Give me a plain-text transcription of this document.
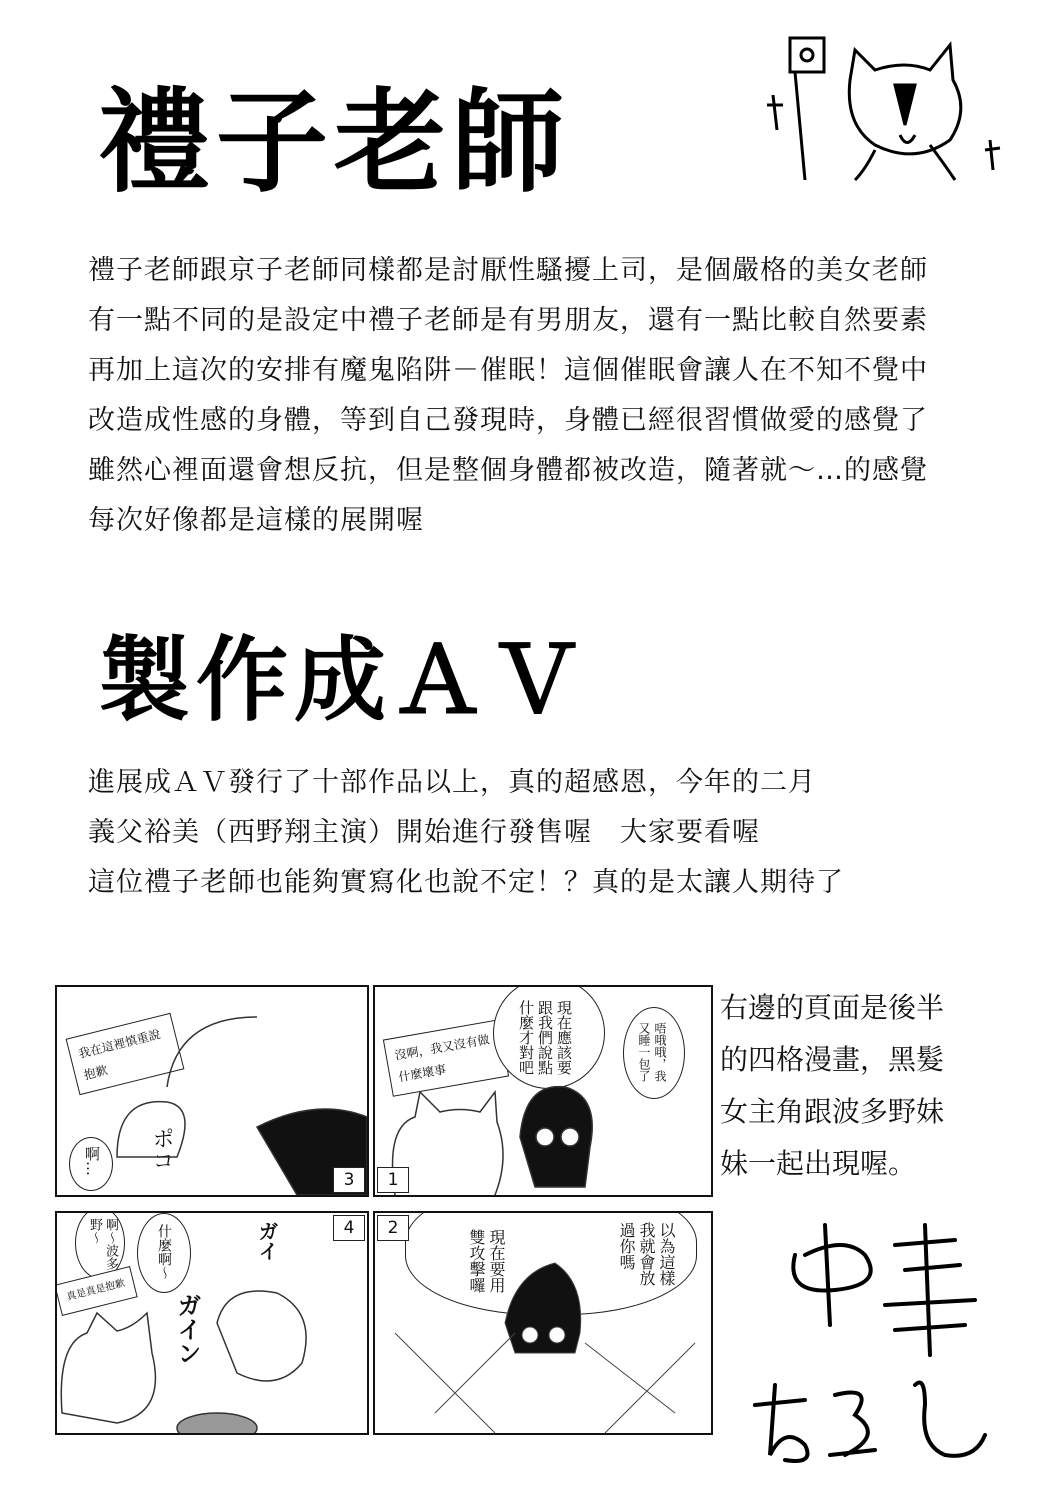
禮子老師
禮子老師跟京子老師同樣都是討厭性騷擾上司，是個嚴格的美女老師
有一點不同的是設定中禮子老師是有男朋友，還有一點比較自然要素
再加上這次的安排有魔鬼陷阱－催眠！這個催眠會讓人在不知不覺中
改造成性感的身體，等到自己發現時，身體已經很習慣做愛的感覺了
雖然心裡面還會想反抗，但是整個身體都被改造，隨著就～…的感覺
每次好像都是這樣的展開喔
製作成ＡＶ
進展成ＡＶ發行了十部作品以上，真的超感恩，今年的二月
義父裕美（西野翔主演）開始進行發售喔　大家要看喔
這位禮子老師也能夠實寫化也說不定！？真的是太讓人期待了
我在這裡慎重說抱歉
啊… ポコ
3
沒啊，我又沒有做什麼壞事	現在應該要跟我們說點什麼才對吧	唔哦哦，我又睡一包了
1
啊～波多野～	什麼啊～
真是真是抱歉
ガイン
ガイ	4	以為這樣我就會放過你嗎
現在要用雙攻擊囉
2
右邊的頁面是後半
的四格漫畫，黑髮
女主角跟波多野妹
妹一起出現喔。
